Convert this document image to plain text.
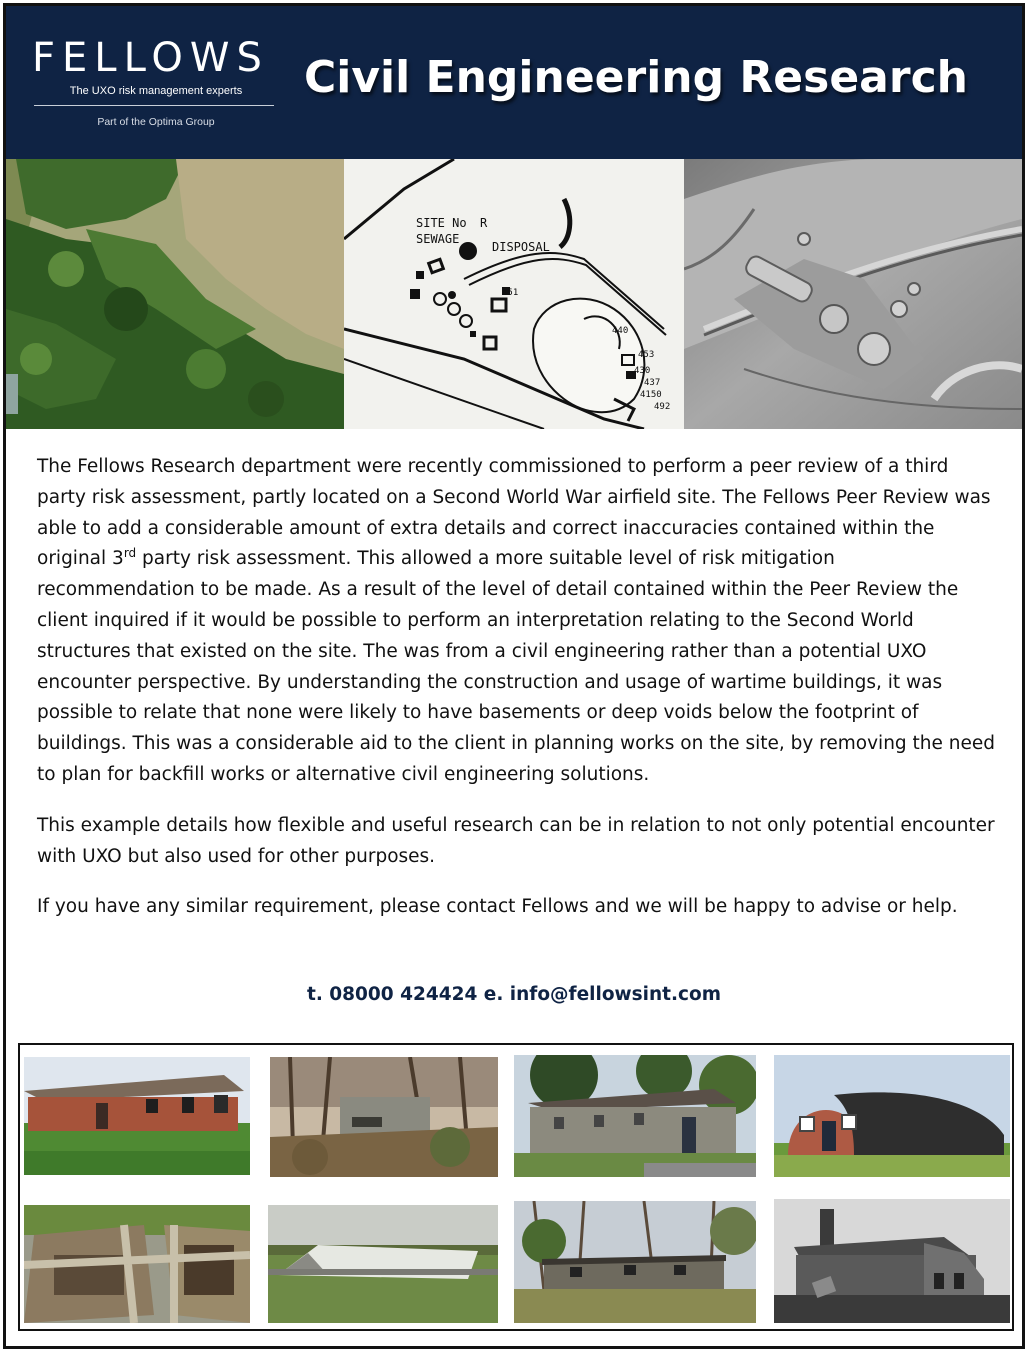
FELLOWS
The UXO risk management experts
Part of the Optima Group
Civil Engineering Research
SITE No R
SEWAGE
DISPOSAL
451
453
430
437
4150
492
440

The Fellows Research department were recently commissioned to perform a peer review of a third party risk assessment, partly located on a Second World War airfield site. The Fellows Peer Review was able to add a considerable amount of extra details and correct inaccuracies contained within the original 3rd party risk assessment. This allowed a more suitable level of risk mitigation recommendation to be made. As a result of the level of detail contained within the Peer Review the client inquired if it would be possible to perform an interpretation relating to the Second World structures that existed on the site. The was from a civil engineering rather than a potential UXO encounter perspective. By understanding the construction and usage of wartime buildings, it was possible to relate that none were likely to have basements or deep voids below the footprint of buildings. This was a considerable aid to the client in planning works on the site, by removing the need to plan for backfill works or alternative civil engineering solutions.

This example details how flexible and useful research can be in relation to not only potential encounter with UXO but also used for other purposes.

If you have any similar requirement, please contact Fellows and we will be happy to advise or help.

t. 08000 424424 e. info@fellowsint.com
